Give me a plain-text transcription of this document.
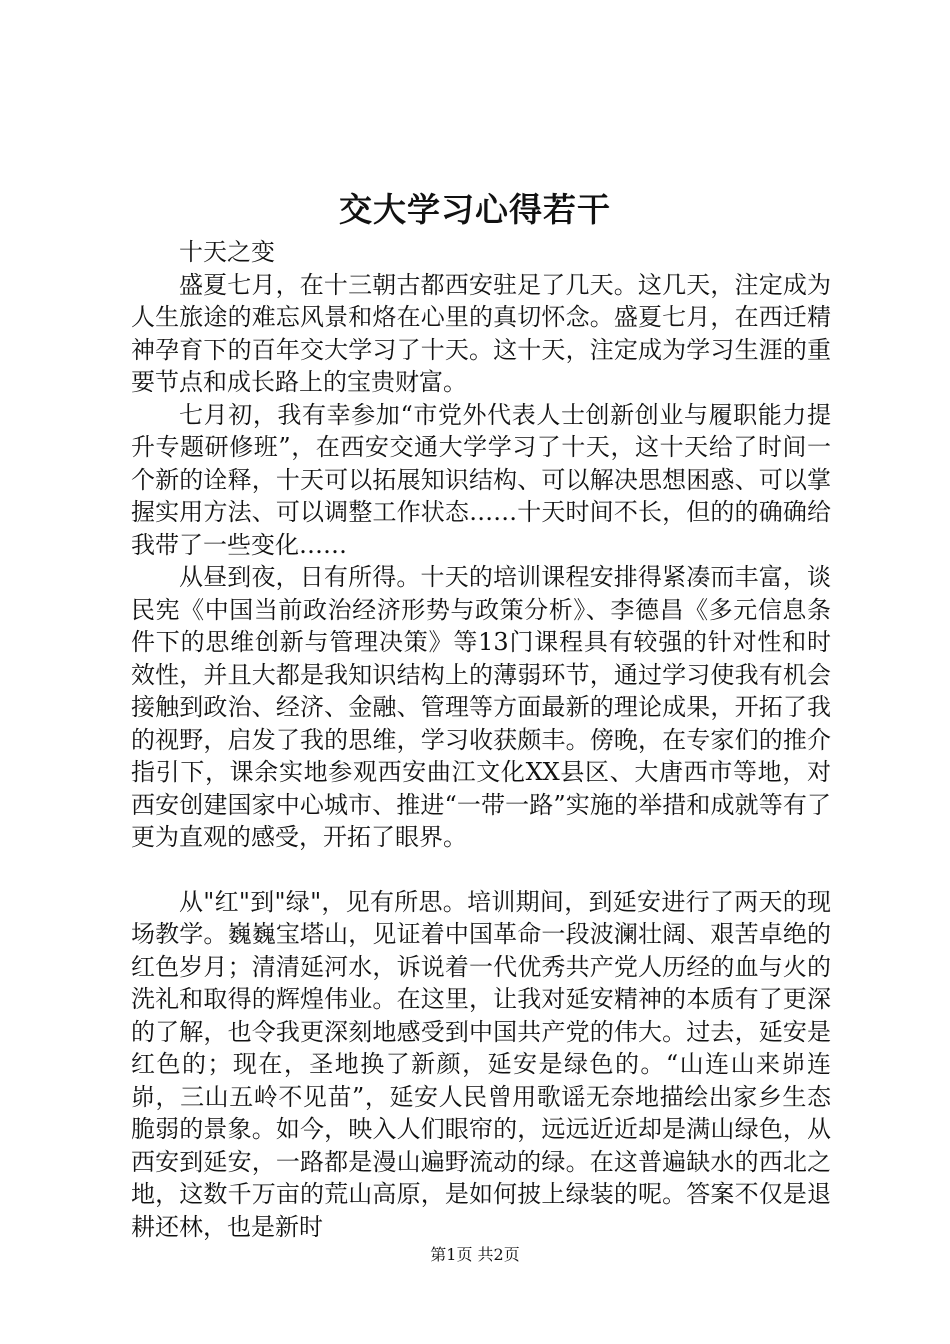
交大学习心得若干

十天之变

盛夏七月，在十三朝古都西安驻足了几天。这几天，注定成为人生旅途的难忘风景和烙在心里的真切怀念。盛夏七月，在西迁精神孕育下的百年交大学习了十天。这十天，注定成为学习生涯的重要节点和成长路上的宝贵财富。

七月初，我有幸参加“市党外代表人士创新创业与履职能力提升专题研修班”，在西安交通大学学习了十天，这十天给了时间一个新的诠释，十天可以拓展知识结构、可以解决思想困惑、可以掌握实用方法、可以调整工作状态……十天时间不长，但的的确确给我带了一些变化……

从昼到夜，日有所得。十天的培训课程安排得紧凑而丰富，谈民宪《中国当前政治经济形势与政策分析》、李德昌《多元信息条件下的思维创新与管理决策》等13门课程具有较强的针对性和时效性，并且大都是我知识结构上的薄弱环节，通过学习使我有机会接触到政治、经济、金融、管理等方面最新的理论成果，开拓了我的视野，启发了我的思维，学习收获颇丰。傍晚，在专家们的推介指引下，课余实地参观西安曲江文化XX县区、大唐西市等地，对西安创建国家中心城市、推进“一带一路”实施的举措和成就等有了更为直观的感受，开拓了眼界。

从"红"到"绿"，见有所思。培训期间，到延安进行了两天的现场教学。巍巍宝塔山，见证着中国革命一段波澜壮阔、艰苦卓绝的红色岁月；清清延河水，诉说着一代优秀共产党人历经的血与火的洗礼和取得的辉煌伟业。在这里，让我对延安精神的本质有了更深的了解，也令我更深刻地感受到中国共产党的伟大。过去，延安是红色的；现在，圣地换了新颜，延安是绿色的。“山连山来峁连峁，三山五岭不见苗”，延安人民曾用歌谣无奈地描绘出家乡生态脆弱的景象。如今，映入人们眼帘的，远远近近却是满山绿色，从西安到延安，一路都是漫山遍野流动的绿。在这普遍缺水的西北之地，这数千万亩的荒山高原，是如何披上绿装的呢。答案不仅是退耕还林，也是新时

第1页 共2页
